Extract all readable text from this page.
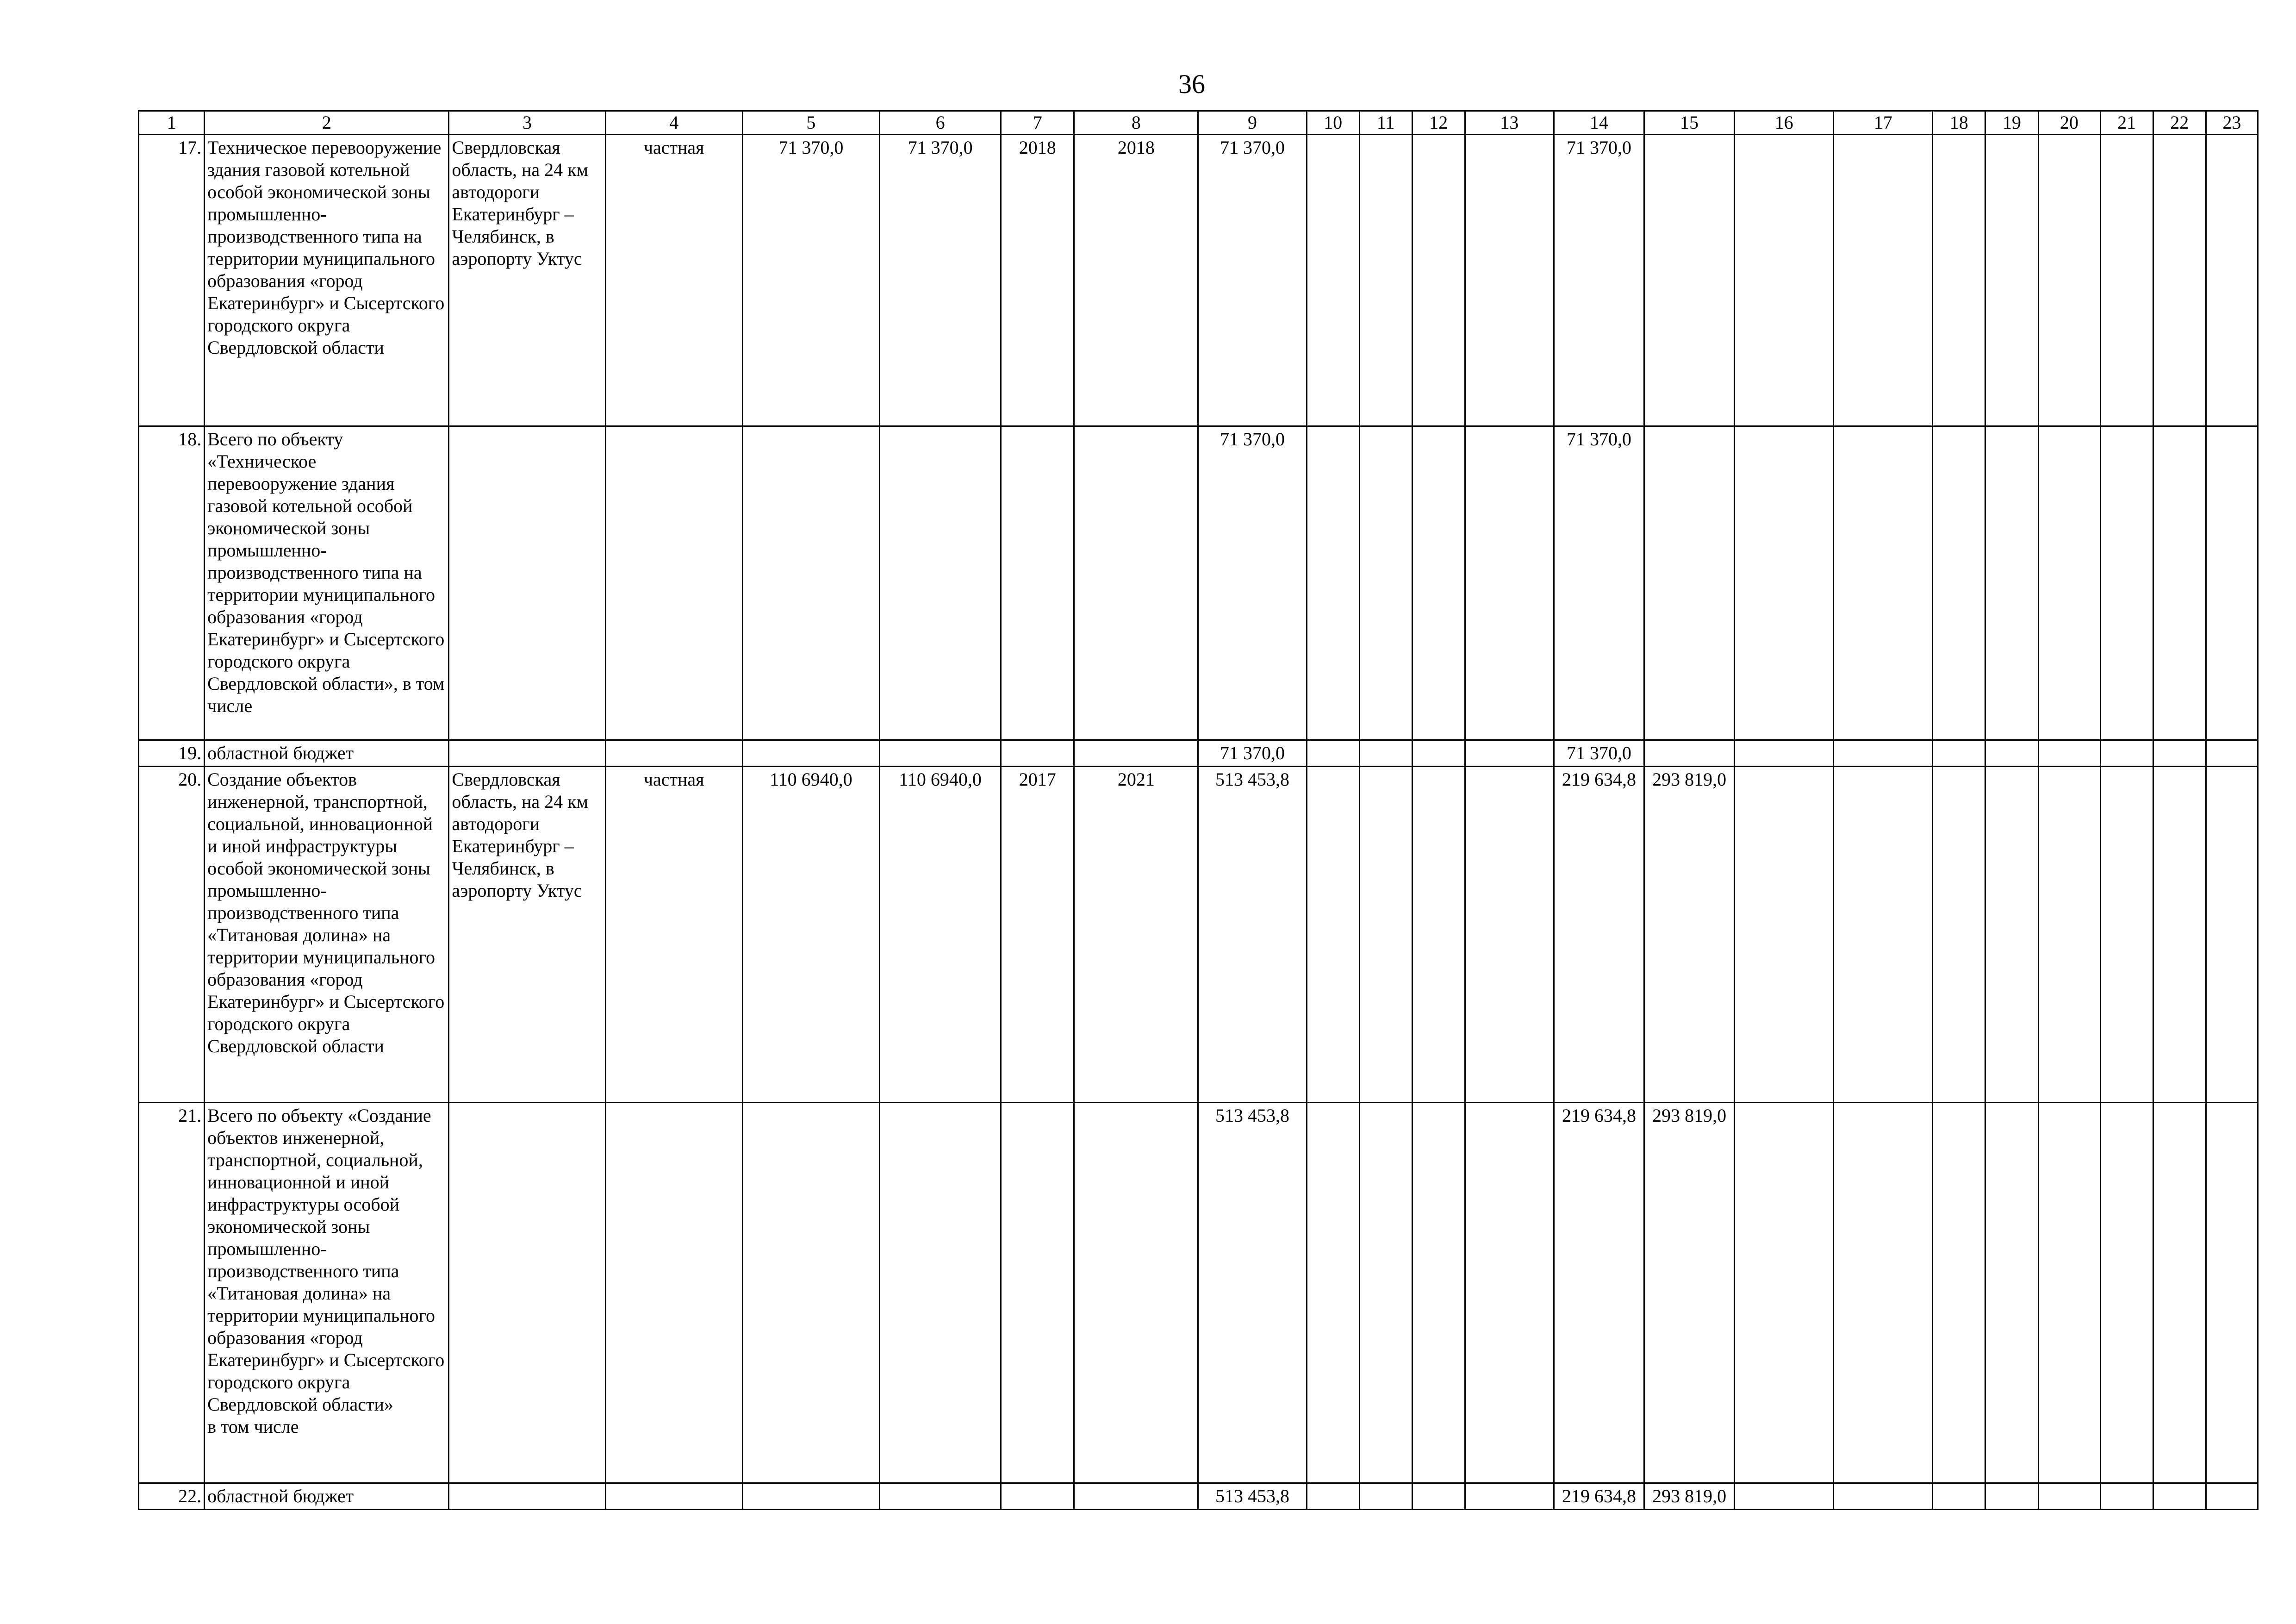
36
1	2	3	4	5	6	7	8	9	10	11	12	13	14	15	16	17	18	19	20	21	22	23
17.	Техническое перевооружение здания газовой котельной особой экономической зоны промышленно-производственного типа на территории муниципального образования «город Екатеринбург» и Сысертского городского округа Свердловской области	Свердловская область, на 24 км автодороги Екатеринбург – Челябинск, в аэропорту Уктус	частная	71 370,0	71 370,0	2018	2018	71 370,0					71 370,0									
18.	Всего по объекту «Техническое перевооружение здания газовой котельной особой экономической зоны промышленно-производственного типа на территории муниципального образования «город Екатеринбург» и Сысертского городского округа Свердловской области», в том числе							71 370,0					71 370,0									
19.	областной бюджет							71 370,0					71 370,0									
20.	Создание объектов инженерной, транспортной, социальной, инновационной и иной инфраструктуры особой экономической зоны промышленно-производственного типа «Титановая долина» на территории муниципального образования «город Екатеринбург» и Сысертского городского округа Свердловской области	Свердловская область, на 24 км автодороги Екатеринбург – Челябинск, в аэропорту Уктус	частная	110 6940,0	110 6940,0	2017	2021	513 453,8					219 634,8	293 819,0								
21.	Всего по объекту «Создание объектов инженерной, транспортной, социальной, инновационной и иной инфраструктуры особой экономической зоны промышленно-производственного типа «Титановая долина» на территории муниципального образования «город Екатеринбург» и Сысертского городского округа Свердловской области»
в том числе							513 453,8					219 634,8	293 819,0								
22.	областной бюджет							513 453,8					219 634,8	293 819,0								
